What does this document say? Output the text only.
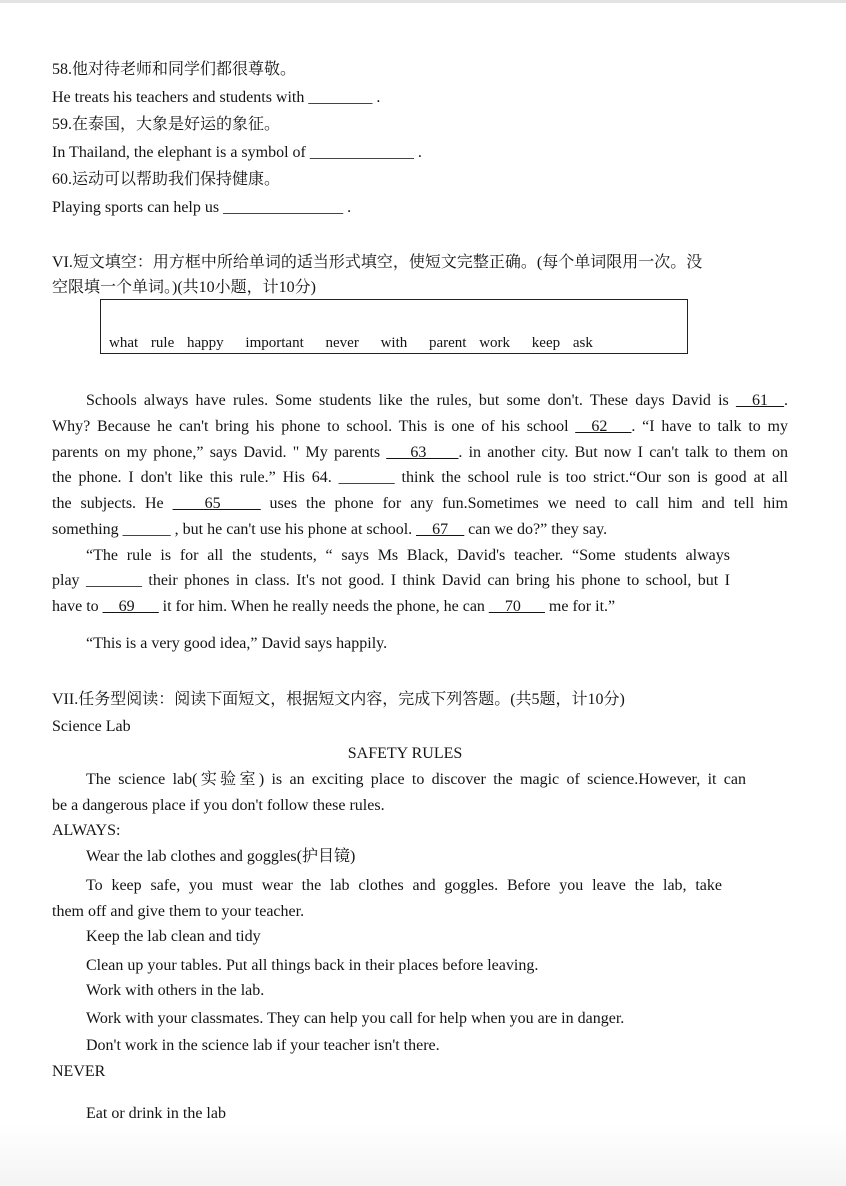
58.他对待老师和同学们都很尊敬。
He treats his teachers and students with ________ .
59.在泰国，大象是好运的象征。
In Thailand, the elephant is a symbol of _____________ .
60.运动可以帮助我们保持健康。
Playing sports can help us _______________ .
VI.短文填空：用方框中所给单词的适当形式填空，使短文完整正确。(每个单词限用一次。没
空限填一个单词。)(共10小题，计10分)
what rule happy important never with parent work keep ask
Schools always have rules. Some students like the rules, but some don't. These days David is __61__.
Why? Because he can't bring his phone to school. This is one of his school __62___. “I have to talk to my
parents on my phone,” says David. " My parents ___63____. in another city. But now I can't talk to them on
the phone. I don't like this rule.” His 64. _______ think the school rule is too strict.“Our son is good at all
the subjects. He ____65_____ uses the phone for any fun.Sometimes we need to call him and tell him
something ______ , but he can't use his phone at school. __67__ can we do?” they say.
“The rule is for all the students, “ says Ms Black, David's teacher. “Some students always
play _______ their phones in class. It's not good. I think David can bring his phone to school, but I
have to __69___ it for him. When he really needs the phone, he can __70___ me for it.”
“This is a very good idea,” David says happily.
VII.任务型阅读：阅读下面短文，根据短文内容，完成下列答题。(共5题，计10分)
Science Lab
SAFETY RULES
The science lab(实验室) is an exciting place to discover the magic of science.However, it can
be a dangerous place if you don't follow these rules.
ALWAYS:
Wear the lab clothes and goggles(护目镜)
To keep safe, you must wear the lab clothes and goggles. Before you leave the lab, take
them off and give them to your teacher.
Keep the lab clean and tidy
Clean up your tables. Put all things back in their places before leaving.
Work with others in the lab.
Work with your classmates. They can help you call for help when you are in danger.
Don't work in the science lab if your teacher isn't there.
NEVER
Eat or drink in the lab
